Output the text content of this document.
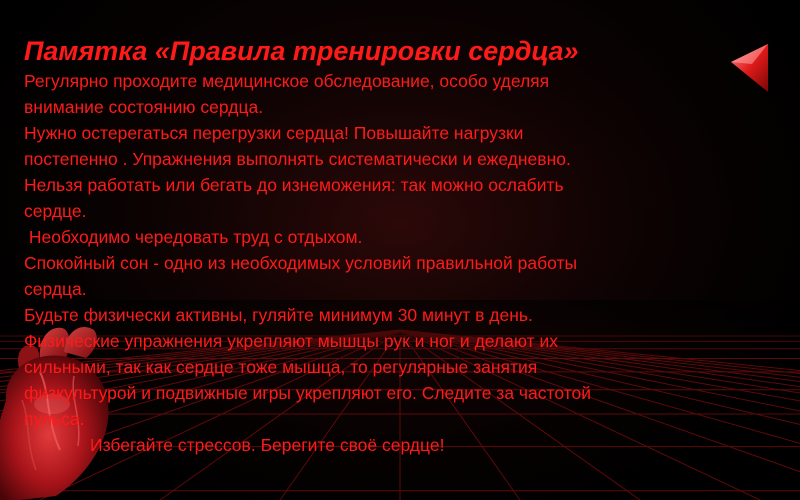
Памятка «Правила тренировки сердца»
Регулярно проходите медицинское обследование, особо уделяя
внимание состоянию сердца.
Нужно остерегаться перегрузки сердца! Повышайте нагрузки
постепенно . Упражнения выполнять систематически и ежедневно.
Нельзя работать или бегать до изнеможения: так можно ослабить
сердце.
Необходимо чередовать труд с отдыхом.
Спокойный сон - одно из необходимых условий правильной работы
сердца.
Будьте физически активны, гуляйте минимум 30 минут в день.
Физические упражнения укрепляют мышцы рук и ног и делают их
сильными, так как сердце тоже мышца, то регулярные занятия
физкультурой и подвижные игры укрепляют его. Следите за частотой
пульса.
Избегайте стрессов. Берегите своё сердце!
